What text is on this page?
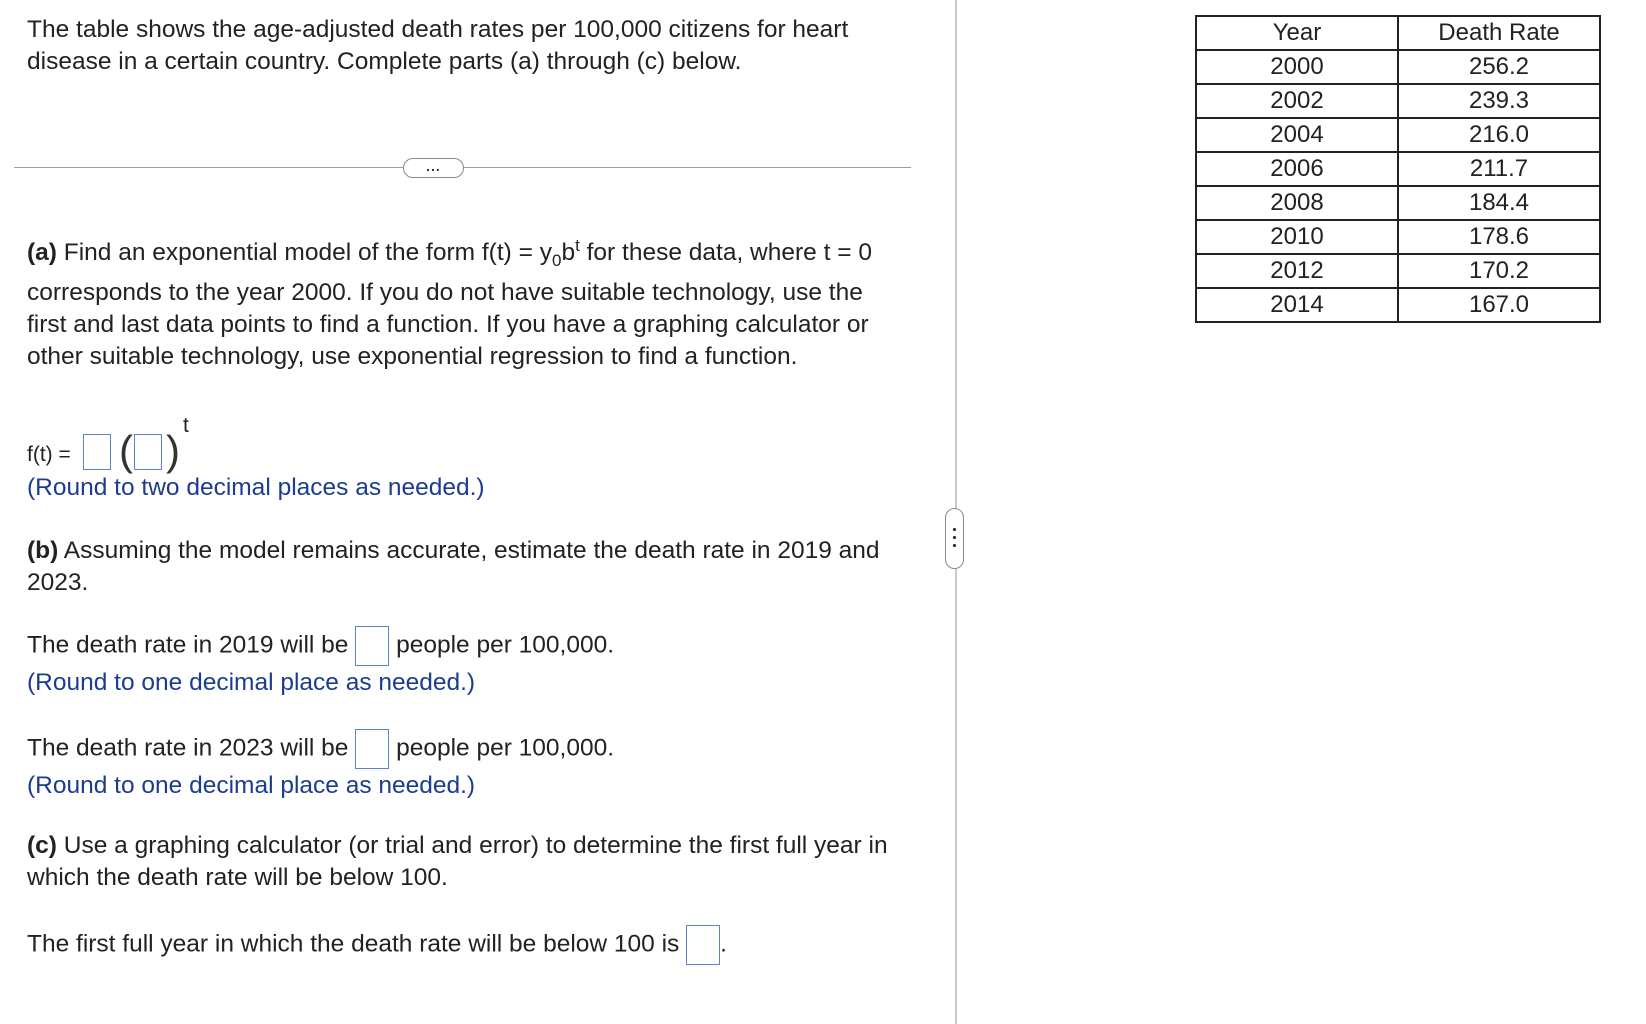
The table shows the age-adjusted death rates per 100,000 citizens for heart disease in a certain country. Complete parts (a) through (c) below.
...
(a) Find an exponential model of the form $f(t) = y_0b^t$ for these data, where t = 0 corresponds to the year 2000. If you do not have suitable technology, use the first and last data points to find a function. If you have a graphing calculator or other suitable technology, use exponential regression to find a function.
f(t) = ( )
t
(Round to two decimal places as needed.)
(b) Assuming the model remains accurate, estimate the death rate in 2019 and 2023.
The death rate in 2019 will be people per 100,000.
(Round to one decimal place as needed.)
The death rate in 2023 will be people per 100,000.
(Round to one decimal place as needed.)
(c) Use a graphing calculator (or trial and error) to determine the first full year in which the death rate will be below 100.
The first full year in which the death rate will be below 100 is .
Year	Death Rate
2000	256.2
2002	239.3
2004	216.0
2006	211.7
2008	184.4
2010	178.6
2012	170.2
2014	167.0
